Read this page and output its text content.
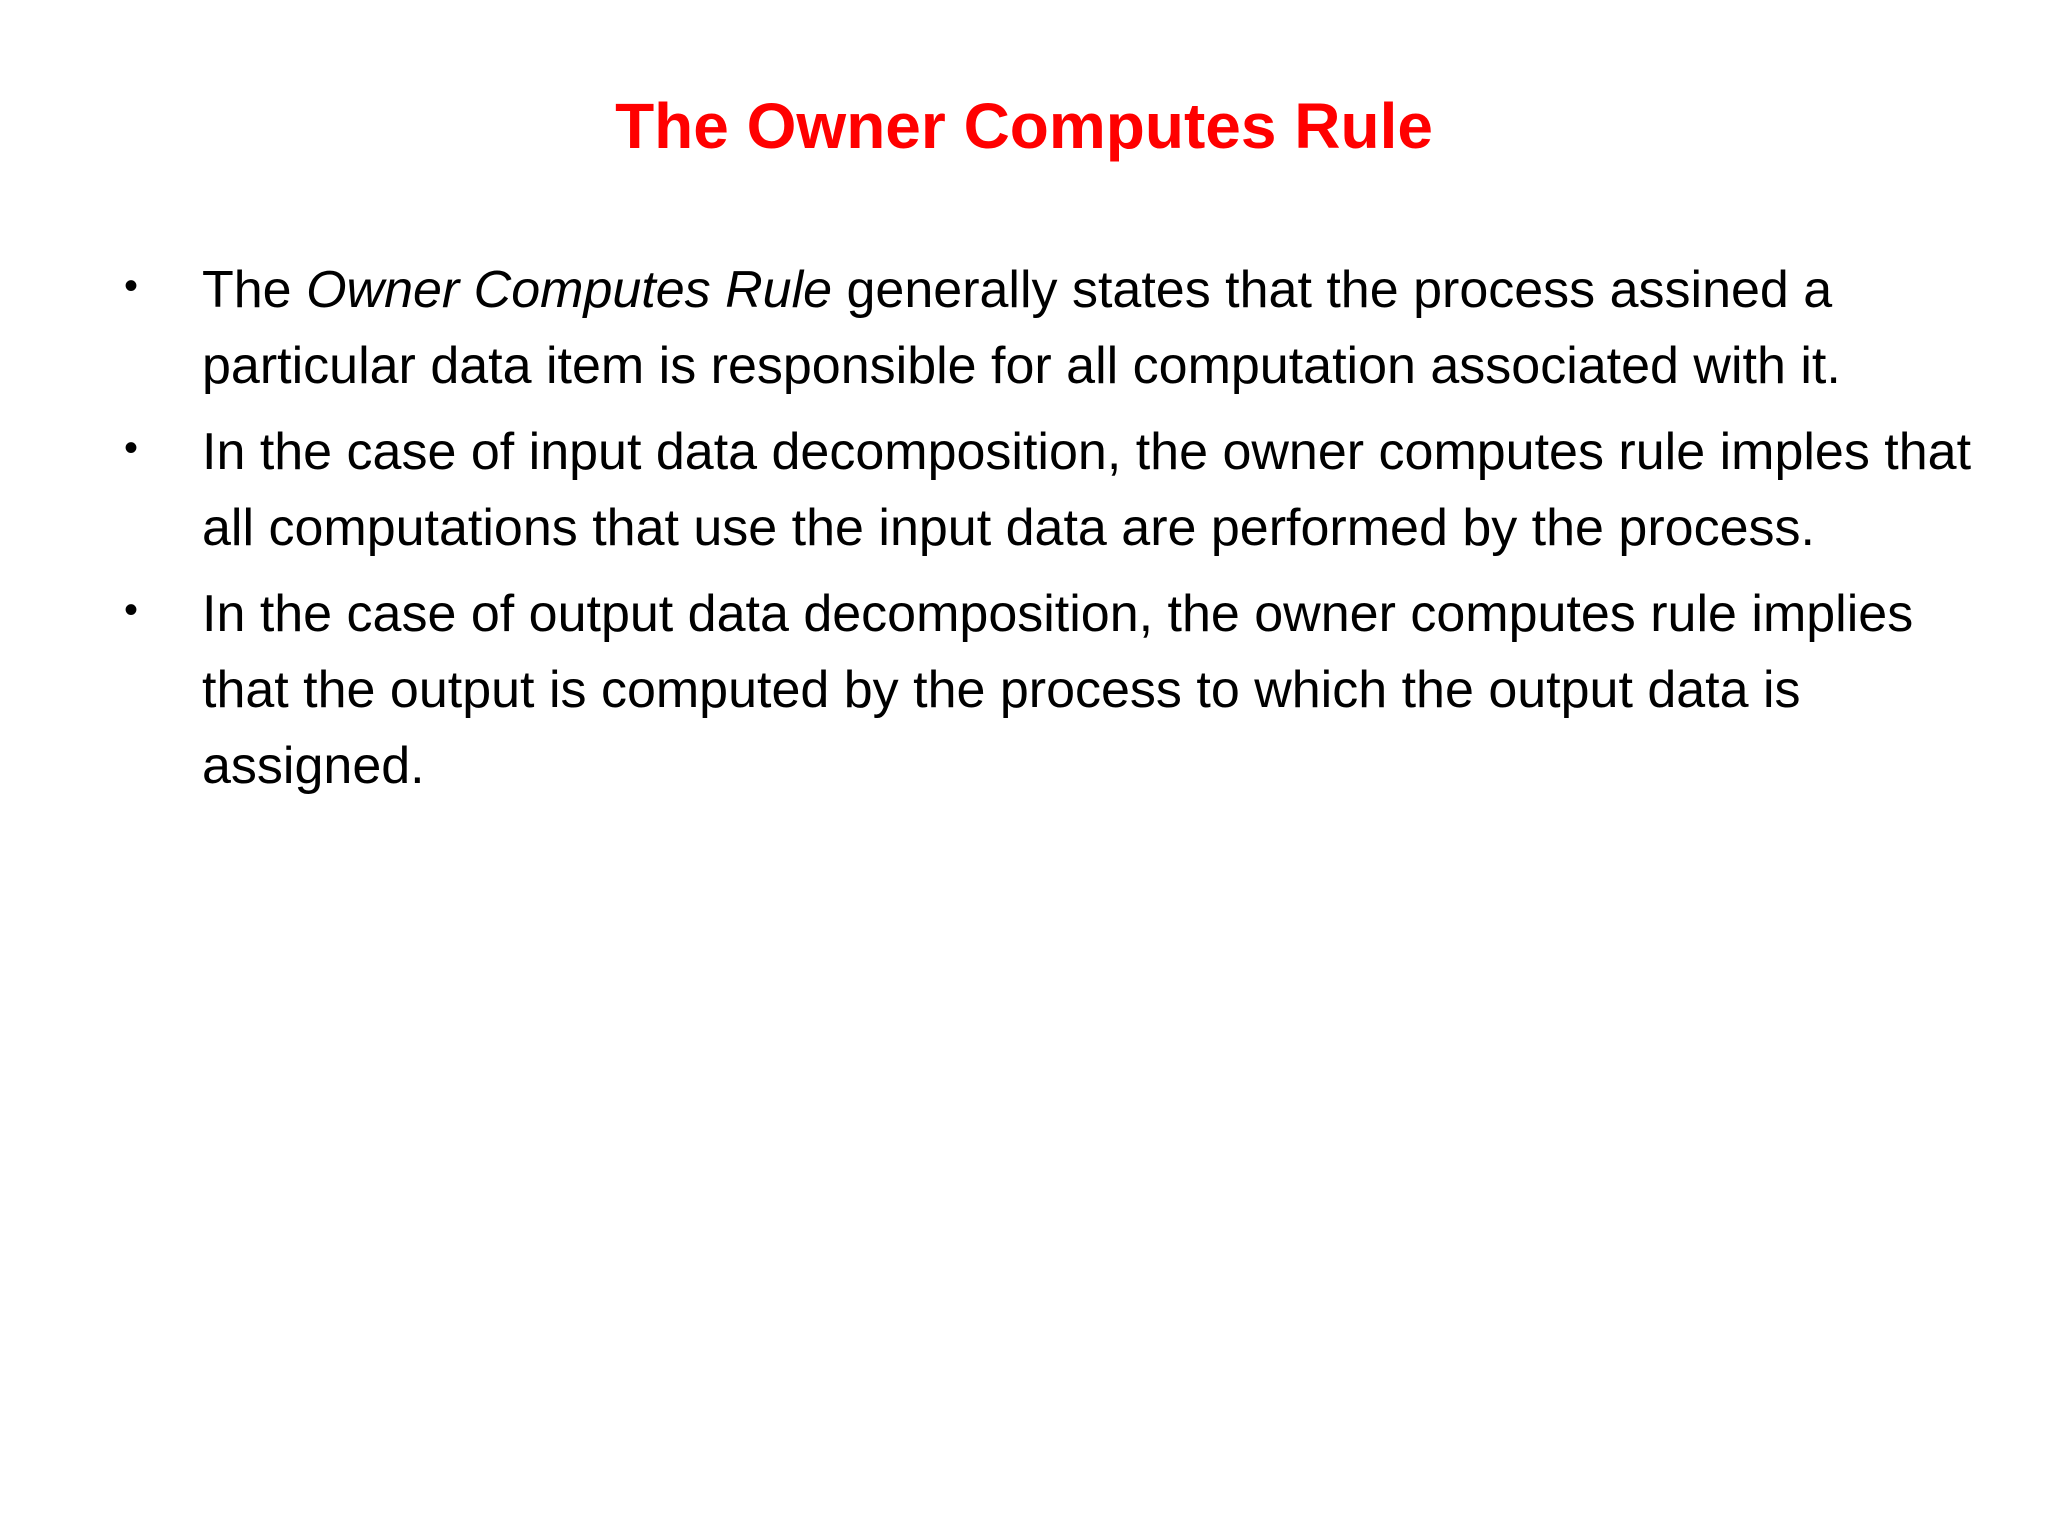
The Owner Computes Rule
• The Owner Computes Rule generally states that the process assined a particular data item is responsible for all computation associated with it.
• In the case of input data decomposition, the owner computes rule imples that all computations that use the input data are performed by the process.
• In the case of output data decomposition, the owner computes rule implies that the output is computed by the process to which the output data is assigned.
